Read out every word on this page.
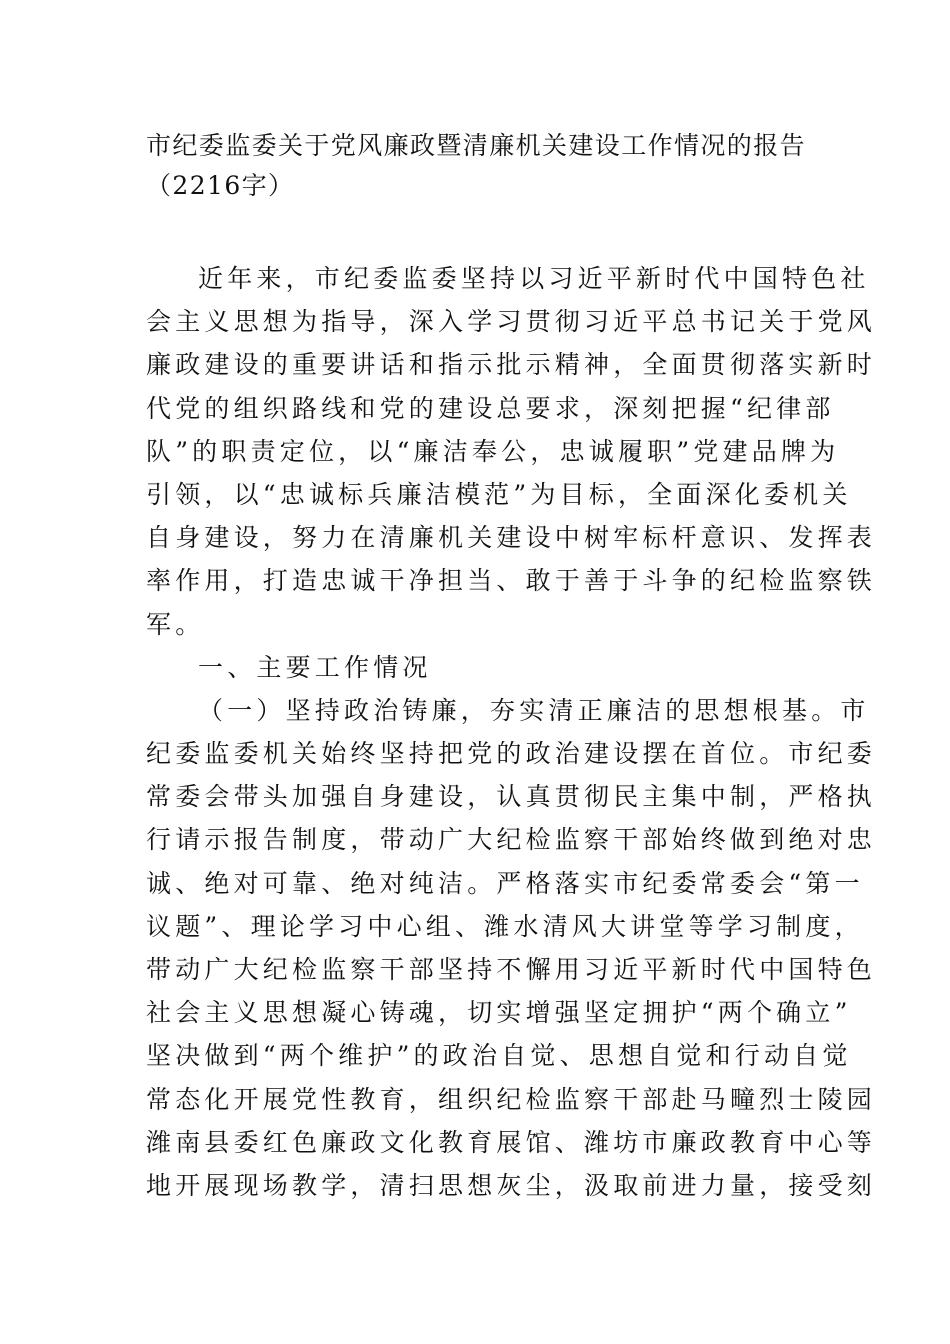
市纪委监委关于党风廉政暨清廉机关建设工作情况的报告
（2216字）
近年来，市纪委监委坚持以习近平新时代中国特色社
会主义思想为指导，深入学习贯彻习近平总书记关于党风
廉政建设的重要讲话和指示批示精神，全面贯彻落实新时
代党的组织路线和党的建设总要求，深刻把握“纪律部
队”的职责定位，以“廉洁奉公，忠诚履职”党建品牌为
引领，以“忠诚标兵廉洁模范”为目标，全面深化委机关
自身建设，努力在清廉机关建设中树牢标杆意识、发挥表
率作用，打造忠诚干净担当、敢于善于斗争的纪检监察铁
军。
一、主要工作情况
（一）坚持政治铸廉，夯实清正廉洁的思想根基。市
纪委监委机关始终坚持把党的政治建设摆在首位。市纪委
常委会带头加强自身建设，认真贯彻民主集中制，严格执
行请示报告制度，带动广大纪检监察干部始终做到绝对忠
诚、绝对可靠、绝对纯洁。严格落实市纪委常委会“第一
议题”、理论学习中心组、潍水清风大讲堂等学习制度，
带动广大纪检监察干部坚持不懈用习近平新时代中国特色
社会主义思想凝心铸魂，切实增强坚定拥护“两个确立”
坚决做到“两个维护”的政治自觉、思想自觉和行动自觉
常态化开展党性教育，组织纪检监察干部赴马疃烈士陵园
潍南县委红色廉政文化教育展馆、潍坊市廉政教育中心等
地开展现场教学，清扫思想灰尘，汲取前进力量，接受刻
